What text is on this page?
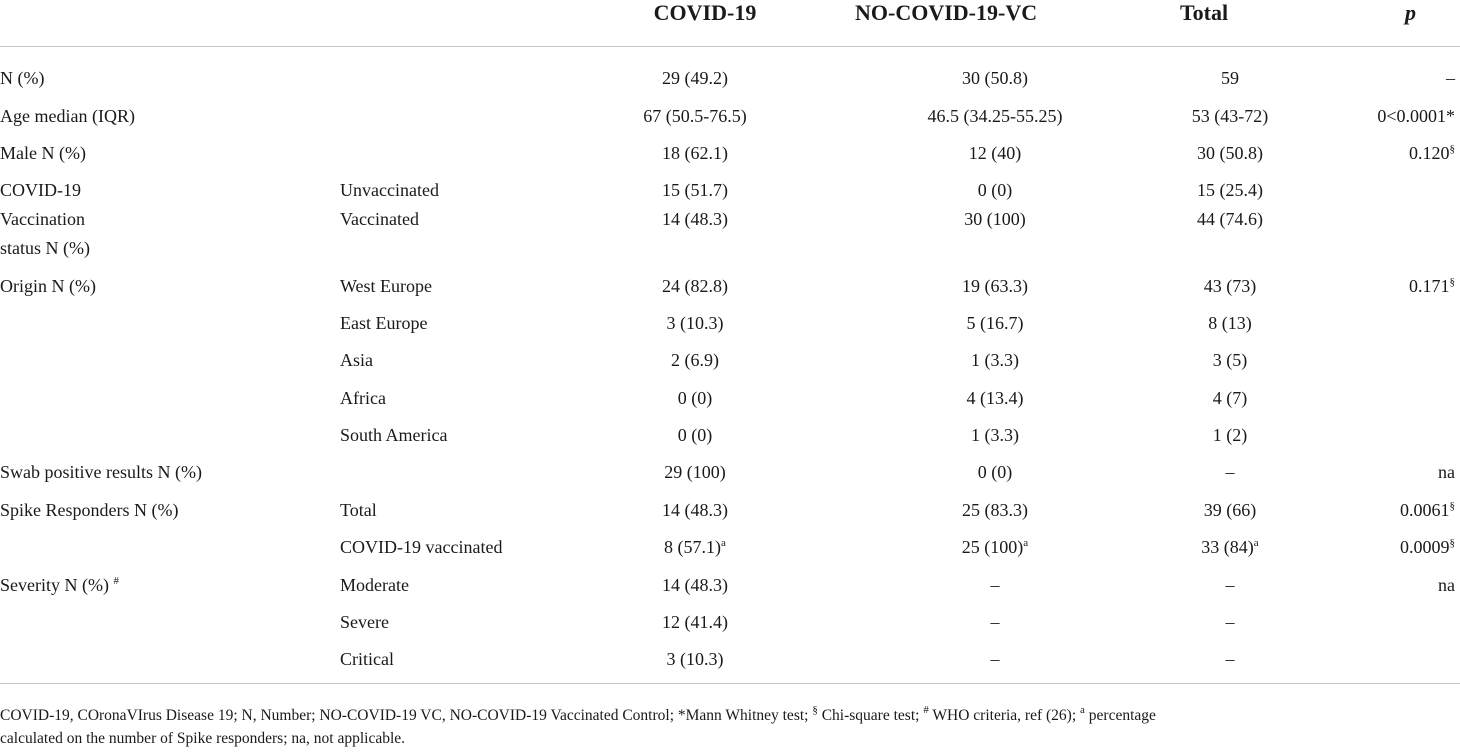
COVID-19	NO-COVID-19-VC	Total	p
N (%)	29 (49.2)	30 (50.8)	59	–
Age median (IQR)	67 (50.5-76.5)	46.5 (34.25-55.25)	53 (43-72)	0<0.0001*
Male N (%)	18 (62.1)	12 (40)	30 (50.8)	0.120§
COVID-19	Unvaccinated	15 (51.7)	0 (0)	15 (25.4)
Vaccination	Vaccinated	14 (48.3)	30 (100)	44 (74.6)
status N (%)
Origin N (%)	West Europe	24 (82.8)	19 (63.3)	43 (73)	0.171§
East Europe	3 (10.3)	5 (16.7)	8 (13)
Asia	2 (6.9)	1 (3.3)	3 (5)
Africa	0 (0)	4 (13.4)	4 (7)
South America	0 (0)	1 (3.3)	1 (2)
Swab positive results N (%)	29 (100)	0 (0)	–	na
Spike Responders N (%)	Total	14 (48.3)	25 (83.3)	39 (66)	0.0061§
COVID-19 vaccinated	8 $(57.1)^a$	25 $(100)^a$	33 $(84)^a$	0.0009§
Severity N (%) #	Moderate	14 (48.3)	–	–	na
Severe	12 (41.4)	–	–
Critical	3 (10.3)	–	–
COVID-19, COronaVIrus Disease 19; N, Number; NO-COVID-19 VC, NO-COVID-19 Vaccinated Control; *Mann Whitney test; § Chi-square test; # WHO criteria, ref (26); $^a$ percentage
calculated on the number of Spike responders; na, not applicable.
